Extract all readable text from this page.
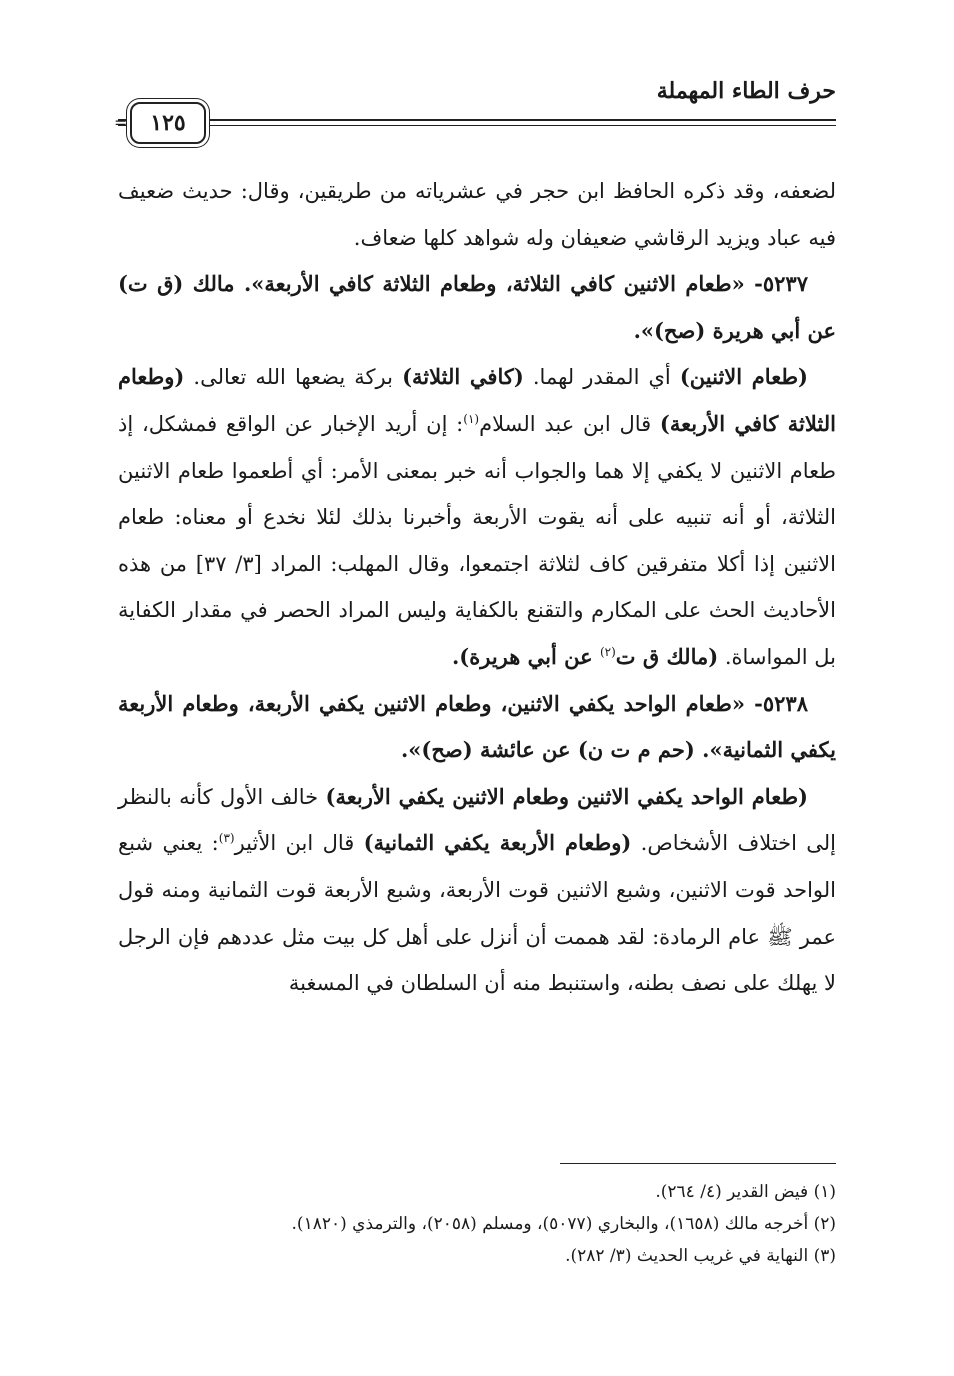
حرف الطاء المهملة
=	١٢٥

لضعفه، وقد ذكره الحافظ ابن حجر في عشرياته من طريقين، وقال: حديث ضعيف فيه عباد ويزيد الرقاشي ضعيفان وله شواهد كلها ضعاف.

٥٢٣٧- «طعام الاثنين كافي الثلاثة، وطعام الثلاثة كافي الأربعة». مالك (ق ت) عن أبي هريرة (صح)».

(طعام الاثنين) أي المقدر لهما. (كافي الثلاثة) بركة يضعها الله تعالى. (وطعام الثلاثة كافي الأربعة) قال ابن عبد السلام$^{(١)}$: إن أريد الإخبار عن الواقع فمشكل، إذ طعام الاثنين لا يكفي إلا هما والجواب أنه خبر بمعنى الأمر: أي أطعموا طعام الاثنين الثلاثة، أو أنه تنبيه على أنه يقوت الأربعة وأخبرنا بذلك لئلا نخدع أو معناه: طعام الاثنين إذا أكلا متفرقين كاف لثلاثة اجتمعوا، وقال المهلب: المراد [٣/ ٣٧] من هذه الأحاديث الحث على المكارم والتقنع بالكفاية وليس المراد الحصر في مقدار الكفاية بل المواساة. (مالك ق ت$^{(٢)}$ عن أبي هريرة).

٥٢٣٨- «طعام الواحد يكفي الاثنين، وطعام الاثنين يكفي الأربعة، وطعام الأربعة يكفي الثمانية». (حم م ت ن) عن عائشة (صح)».

(طعام الواحد يكفي الاثنين وطعام الاثنين يكفي الأربعة) خالف الأول كأنه بالنظر إلى اختلاف الأشخاص. (وطعام الأربعة يكفي الثمانية) قال ابن الأثير$^{(٣)}$: يعني شبع الواحد قوت الاثنين، وشبع الاثنين قوت الأربعة، وشبع الأربعة قوت الثمانية ومنه قول عمر ﷺ عام الرمادة: لقد هممت أن أنزل على أهل كل بيت مثل عددهم فإن الرجل لا يهلك على نصف بطنه، واستنبط منه أن السلطان في المسغبة

(١) فيض القدير (٤/ ٢٦٤).
(٢) أخرجه مالك (١٦٥٨)، والبخاري (٥٠٧٧)، ومسلم (٢٠٥٨)، والترمذي (١٨٢٠).
(٣) النهاية في غريب الحديث (٣/ ٢٨٢).
